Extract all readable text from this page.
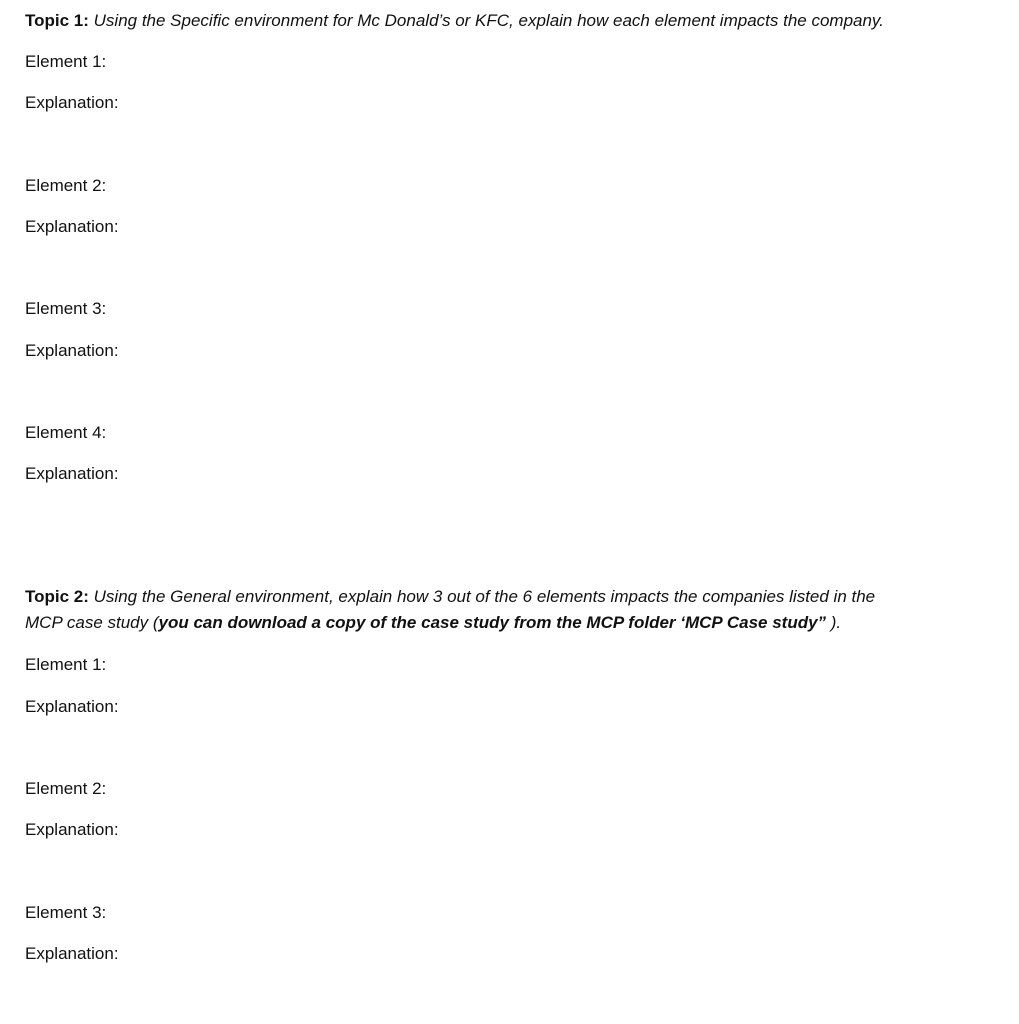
Topic 1: Using the Specific environment for Mc Donald’s or KFC, explain how each element impacts the company.

Element 1:

Explanation:

Element 2:

Explanation:

Element 3:

Explanation:

Element 4:

Explanation:

Topic 2: Using the General environment, explain how 3 out of the 6 elements impacts the companies listed in the

MCP case study (you can download a copy of the case study from the MCP folder ‘MCP Case study” ).

Element 1:

Explanation:

Element 2:

Explanation:

Element 3:

Explanation:
